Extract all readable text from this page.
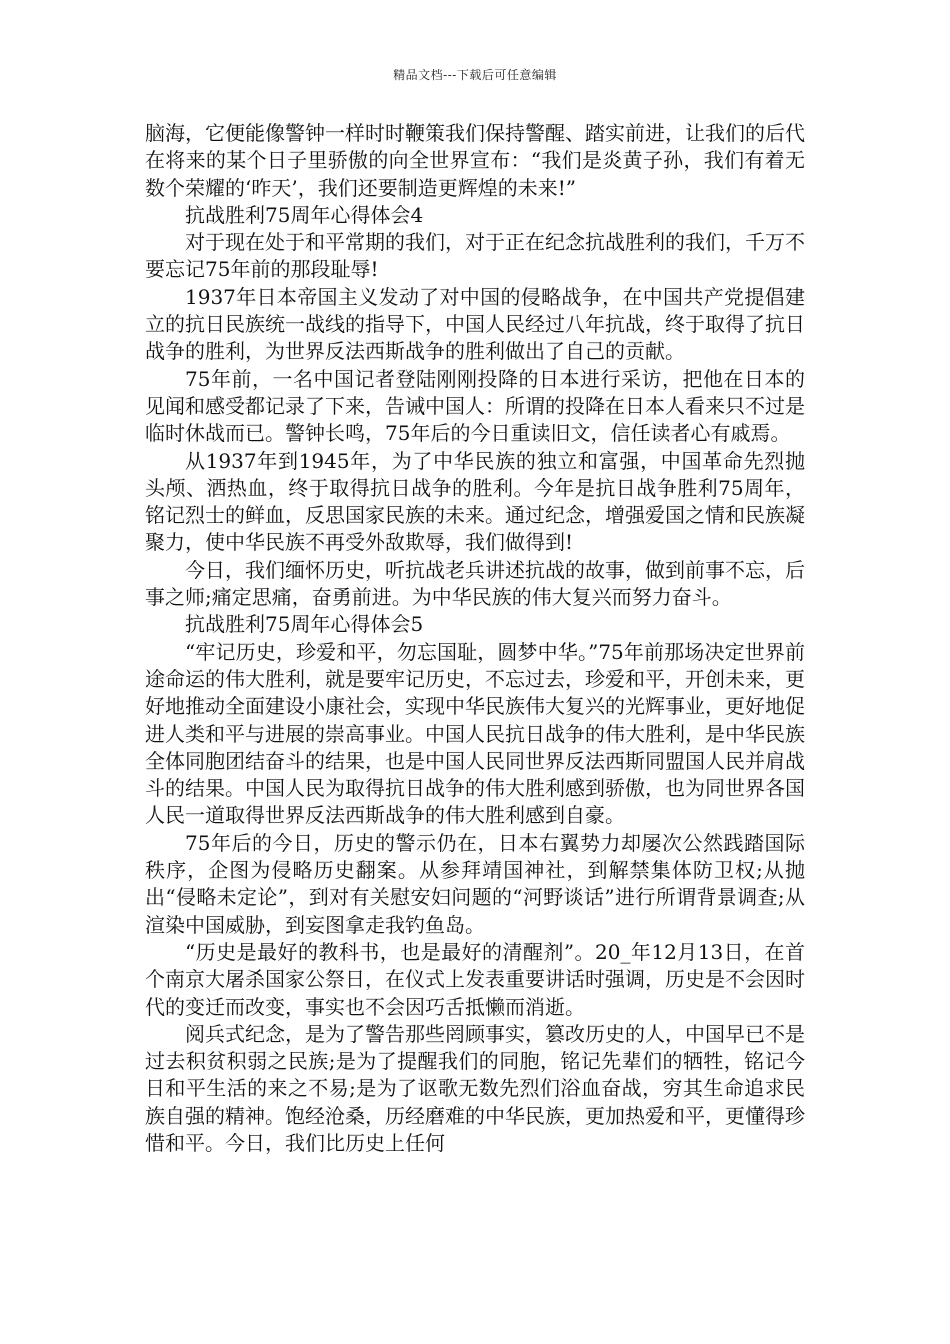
精品文档---下载后可任意编辑

脑海，它便能像警钟一样时时鞭策我们保持警醒、踏实前进，让我们的后代在将来的某个日子里骄傲的向全世界宣布：“我们是炎黄子孙，我们有着无数个荣耀的‘昨天’，我们还要制造更辉煌的未来!”

抗战胜利75周年心得体会4

对于现在处于和平常期的我们，对于正在纪念抗战胜利的我们，千万不要忘记75年前的那段耻辱!

1937年日本帝国主义发动了对中国的侵略战争，在中国共产党提倡建立的抗日民族统一战线的指导下，中国人民经过八年抗战，终于取得了抗日战争的胜利，为世界反法西斯战争的胜利做出了自己的贡献。

75年前，一名中国记者登陆刚刚投降的日本进行采访，把他在日本的见闻和感受都记录了下来，告诫中国人：所谓的投降在日本人看来只不过是临时休战而已。警钟长鸣，75年后的今日重读旧文，信任读者心有戚焉。

从1937年到1945年，为了中华民族的独立和富强，中国革命先烈抛头颅、洒热血，终于取得抗日战争的胜利。今年是抗日战争胜利75周年，铭记烈士的鲜血，反思国家民族的未来。通过纪念，增强爱国之情和民族凝聚力，使中华民族不再受外敌欺辱，我们做得到!

今日，我们缅怀历史，听抗战老兵讲述抗战的故事，做到前事不忘，后事之师;痛定思痛，奋勇前进。为中华民族的伟大复兴而努力奋斗。

抗战胜利75周年心得体会5

“牢记历史，珍爱和平，勿忘国耻，圆梦中华。”75年前那场决定世界前途命运的伟大胜利，就是要牢记历史，不忘过去，珍爱和平，开创未来，更好地推动全面建设小康社会，实现中华民族伟大复兴的光辉事业，更好地促进人类和平与进展的崇高事业。中国人民抗日战争的伟大胜利，是中华民族全体同胞团结奋斗的结果，也是中国人民同世界反法西斯同盟国人民并肩战斗的结果。中国人民为取得抗日战争的伟大胜利感到骄傲，也为同世界各国人民一道取得世界反法西斯战争的伟大胜利感到自豪。

75年后的今日，历史的警示仍在，日本右翼势力却屡次公然践踏国际秩序，企图为侵略历史翻案。从参拜靖国神社，到解禁集体防卫权;从抛出“侵略未定论”，到对有关慰安妇问题的“河野谈话”进行所谓背景调查;从渲染中国威胁，到妄图拿走我钓鱼岛。

“历史是最好的教科书，也是最好的清醒剂”。20_年12月13日，在首个南京大屠杀国家公祭日，在仪式上发表重要讲话时强调，历史是不会因时代的变迁而改变，事实也不会因巧舌抵懒而消逝。

阅兵式纪念，是为了警告那些罔顾事实，篡改历史的人，中国早已不是过去积贫积弱之民族;是为了提醒我们的同胞，铭记先辈们的牺牲，铭记今日和平生活的来之不易;是为了讴歌无数先烈们浴血奋战，穷其生命追求民族自强的精神。饱经沧桑，历经磨难的中华民族，更加热爱和平，更懂得珍惜和平。今日，我们比历史上任何
